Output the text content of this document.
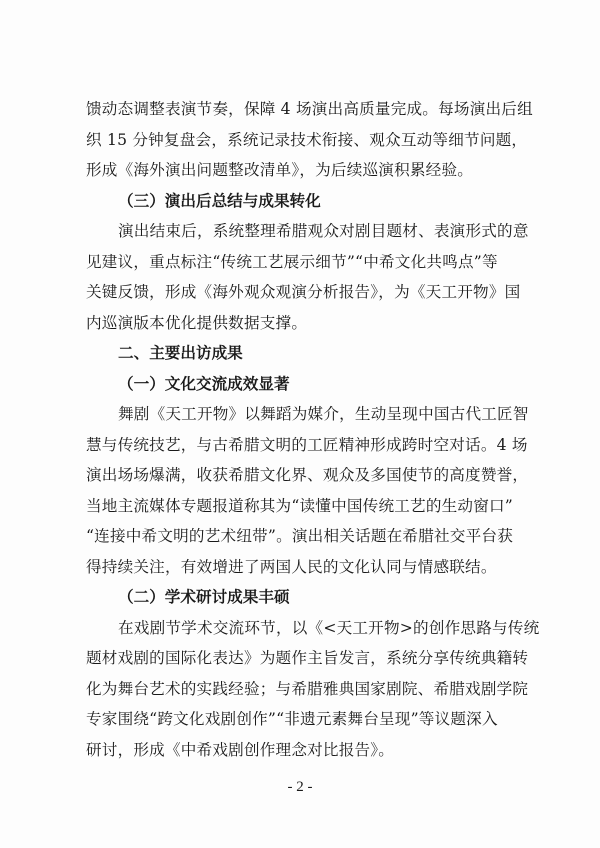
馈动态调整表演节奏，保障 4 场演出高质量完成。每场演出后组

织 15 分钟复盘会，系统记录技术衔接、观众互动等细节问题，

形成《海外演出问题整改清单》，为后续巡演积累经验。

（三）演出后总结与成果转化

演出结束后，系统整理希腊观众对剧目题材、表演形式的意

见建议，重点标注“传统工艺展示细节”“中希文化共鸣点”等

关键反馈，形成《海外观众观演分析报告》，为《天工开物》国

内巡演版本优化提供数据支撑。

二、主要出访成果

（一）文化交流成效显著

舞剧《天工开物》以舞蹈为媒介，生动呈现中国古代工匠智

慧与传统技艺，与古希腊文明的工匠精神形成跨时空对话。4 场

演出场场爆满，收获希腊文化界、观众及多国使节的高度赞誉，

当地主流媒体专题报道称其为“读懂中国传统工艺的生动窗口”

“连接中希文明的艺术纽带”。演出相关话题在希腊社交平台获

得持续关注，有效增进了两国人民的文化认同与情感联结。

（二）学术研讨成果丰硕

在戏剧节学术交流环节，以《<天工开物>的创作思路与传统

题材戏剧的国际化表达》为题作主旨发言，系统分享传统典籍转

化为舞台艺术的实践经验；与希腊雅典国家剧院、希腊戏剧学院

专家围绕“跨文化戏剧创作”“非遗元素舞台呈现”等议题深入

研讨，形成《中希戏剧创作理念对比报告》。

- 2 -
